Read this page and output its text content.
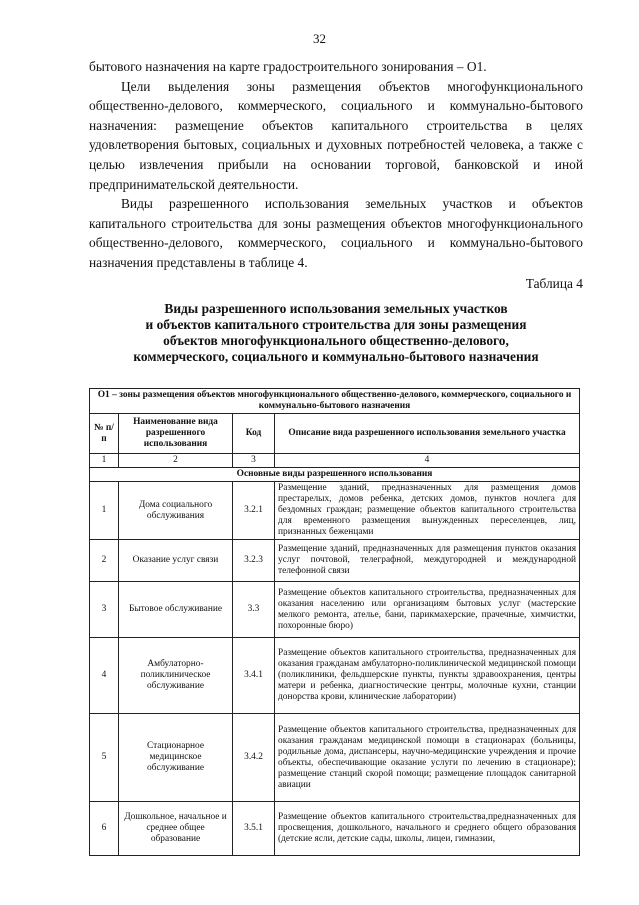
32

бытового назначения на карте градостроительного зонирования – О1.

Цели выделения зоны размещения объектов многофункционального общественно-делового, коммерческого, социального и коммунально-бытового назначения: размещение объектов капитального строительства в целях удовлетворения бытовых, социальных и духовных потребностей человека, а также с целью извлечения прибыли на основании торговой, банковской и иной предпринимательской деятельности.

Виды разрешенного использования земельных участков и объектов капитального строительства для зоны размещения объектов многофункционального общественно-делового, коммерческого, социального и коммунально-бытового назначения представлены в таблице 4.

Таблица 4
Виды разрешенного использования земельных участков
и объектов капитального строительства для зоны размещения
объектов многофункционального общественно-делового,
коммерческого, социального и коммунально-бытового назначения
О1 – зоны размещения объектов многофункционального общественно-делового, коммерческого, социального и коммунально-бытового назначения			
№ п/п	Наименование вида разрешенного использования	Код	Описание вида разрешенного использования земельного участка
1	2	3	4
Основные виды разрешенного использования			
1	Дома социального обслуживания	3.2.1	Размещение зданий, предназначенных для размещения домов престарелых, домов ребенка, детских домов, пунктов ночлега для бездомных граждан; размещение объектов капитального строительства для временного размещения вынужденных переселенцев, лиц, признанных беженцами
2	Оказание услуг связи	3.2.3	Размещение зданий, предназначенных для размещения пунктов оказания услуг почтовой, телеграфной, междугородней и международной телефонной связи
3	Бытовое обслуживание	3.3	Размещение объектов капитального строительства, предназначенных для оказания населению или организациям бытовых услуг (мастерские мелкого ремонта, ателье, бани, парикмахерские, прачечные, химчистки, похоронные бюро)
4	Амбулаторно-поликлиническое обслуживание	3.4.1	Размещение объектов капитального строительства, предназначенных для оказания гражданам амбулаторно-поликлинической медицинской помощи (поликлиники, фельдшерские пункты, пункты здравоохранения, центры матери и ребенка, диагностические центры, молочные кухни, станции донорства крови, клинические лаборатории)
5	Стационарное медицинское обслуживание	3.4.2	Размещение объектов капитального строительства, предназначенных для оказания гражданам медицинской помощи в стационарах (больницы, родильные дома, диспансеры, научно-медицинские учреждения и прочие объекты, обеспечивающие оказание услуги по лечению в стационаре); размещение станций скорой помощи; размещение площадок санитарной авиации
6	Дошкольное, начальное и среднее общее образование	3.5.1	Размещение объектов капитального строительства,предназначенных для просвещения, дошкольного, начального и среднего общего образования (детские ясли, детские сады, школы, лицеи, гимназии,
